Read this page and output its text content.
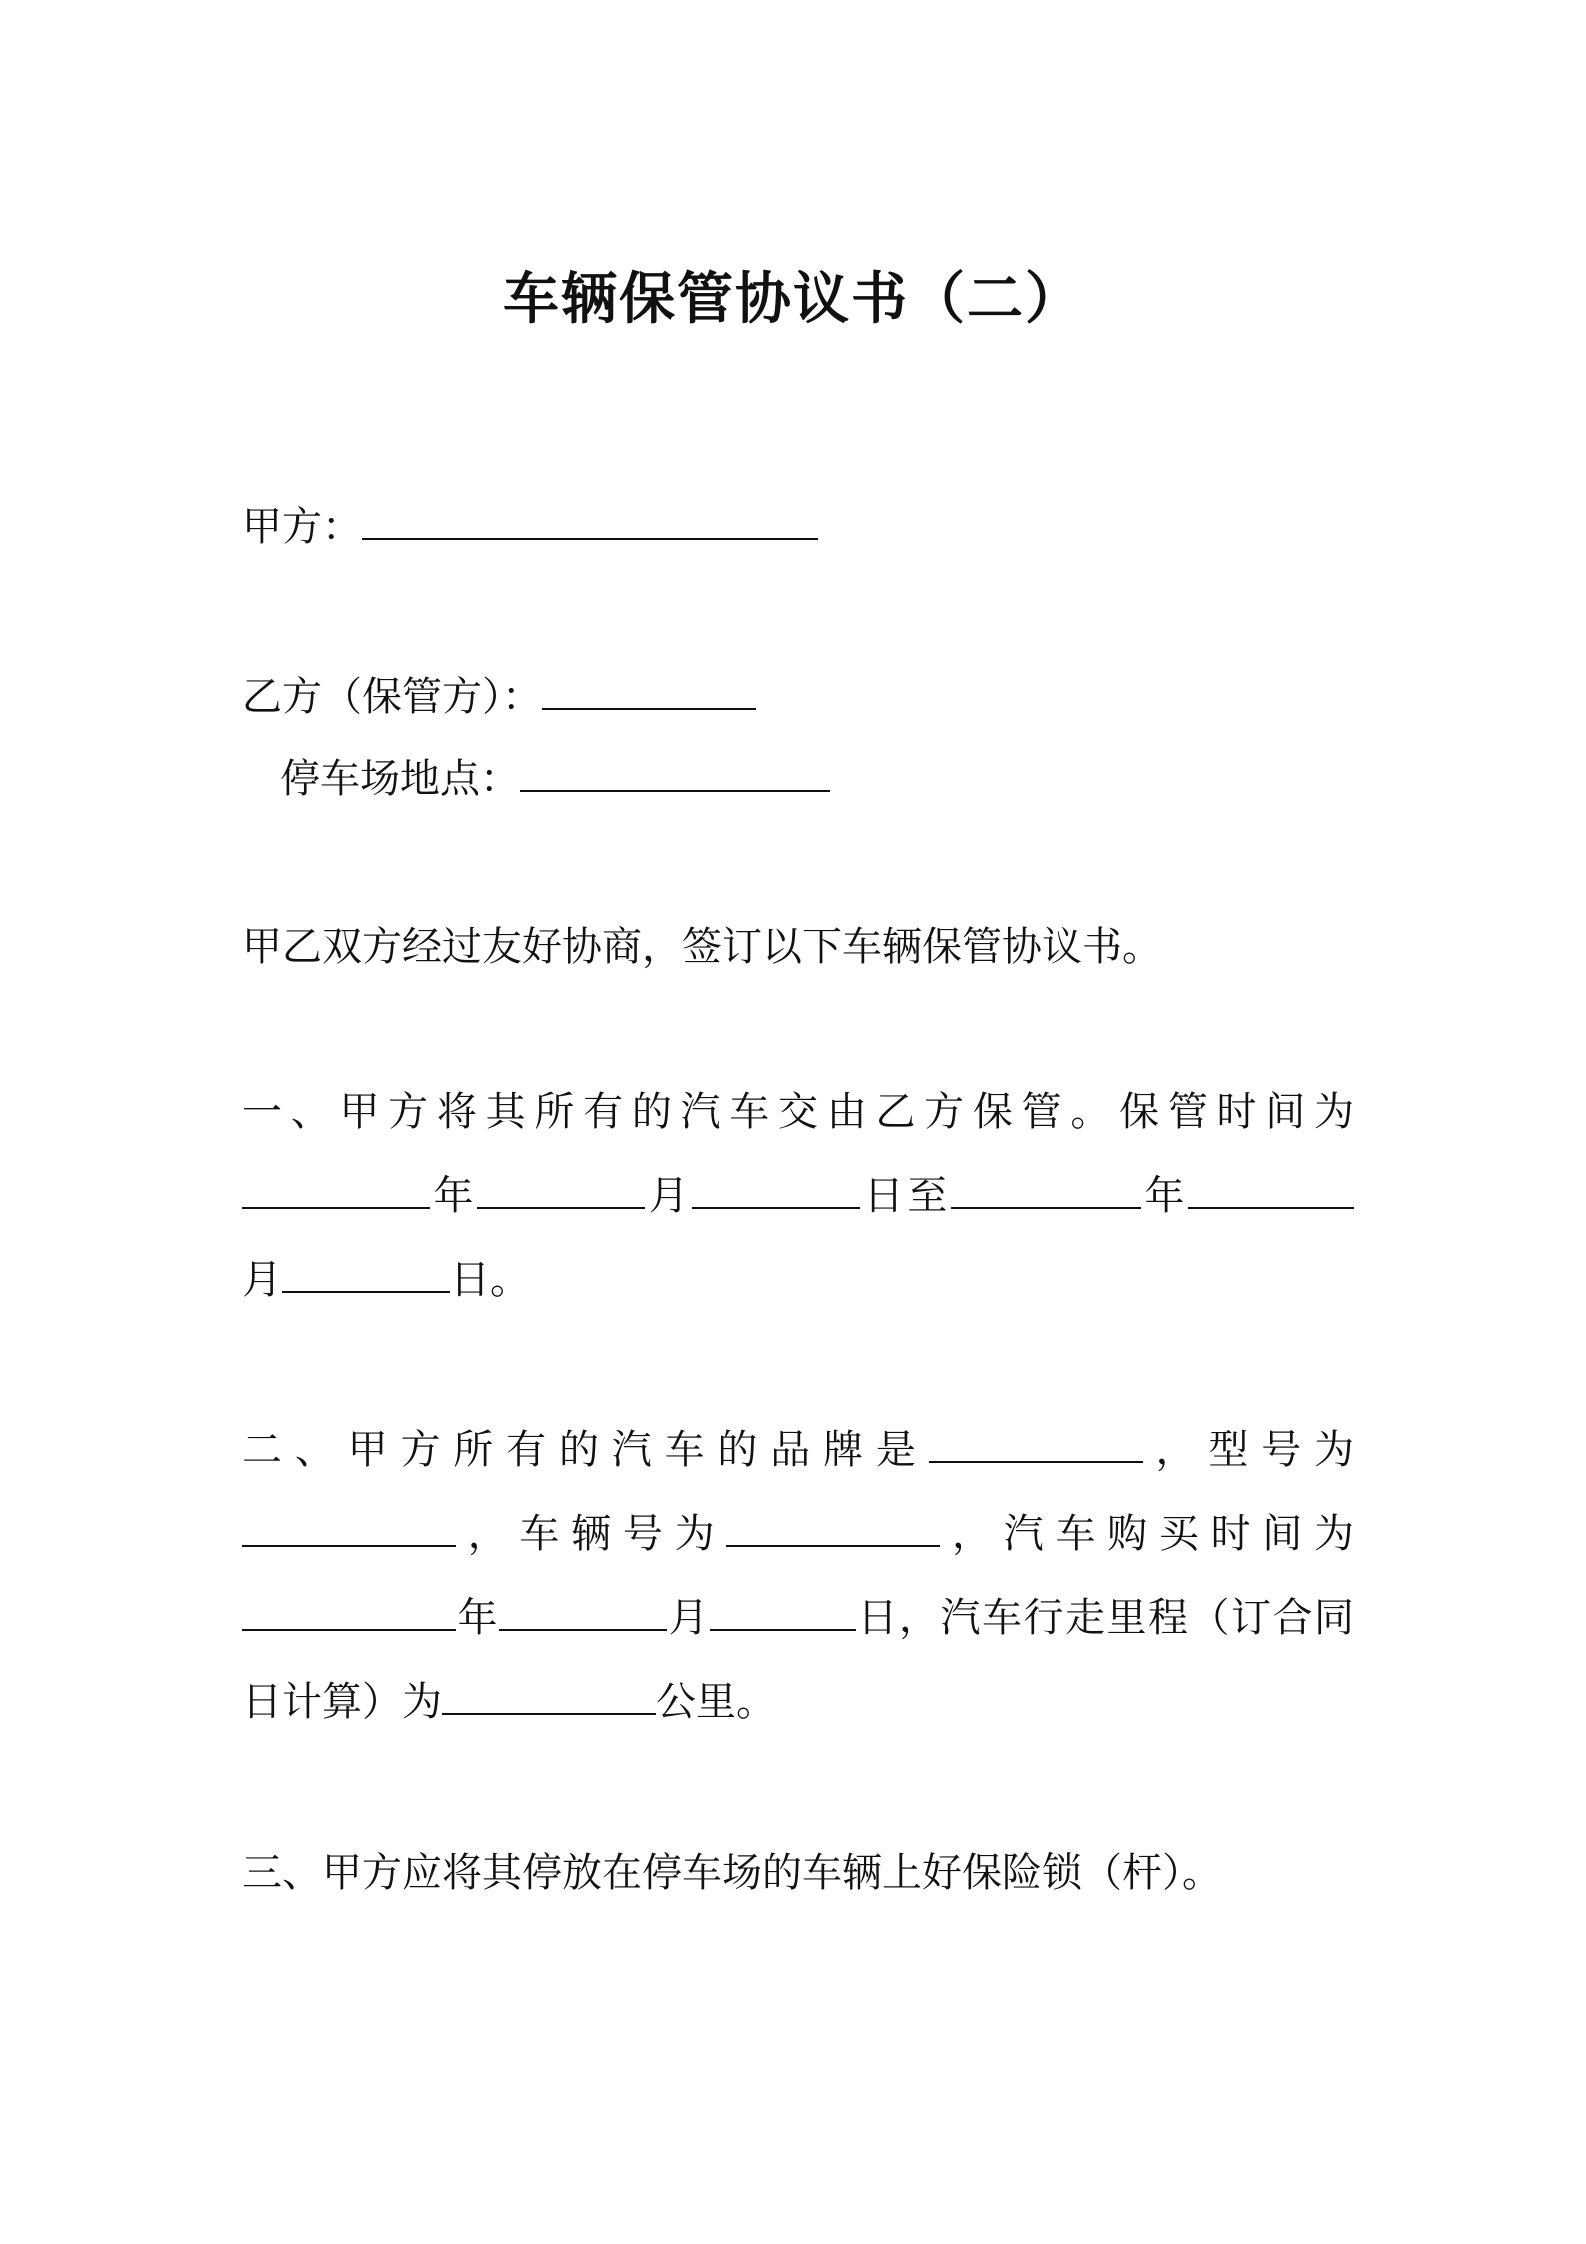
车辆保管协议书（二）
甲方：
乙方（保管方）：
停车场地点：
甲乙双方经过友好协商，签订以下车辆保管协议书。
一、甲方将其所有的汽车交由乙方保管。保管时间为
年	月	日至	年
月	日。
二、甲方所有的汽车的品牌是	，型号为
，车辆号为	，汽车购买时间为
年	月	日，汽车行走里程（订合同
日计算）为	公里。
三、甲方应将其停放在停车场的车辆上好保险锁（杆）。
